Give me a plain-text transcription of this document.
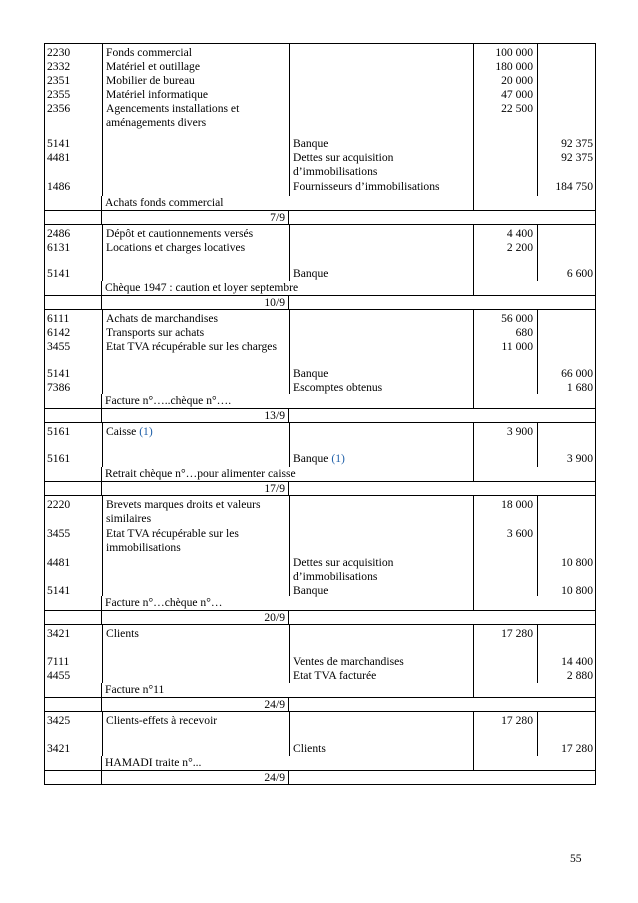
2230
2332
2351
2355
2356
5141
4481
1486
Fonds commercial
Matériel et outillage
Mobilier de bureau
Matériel informatique
Agencements installations et aménagements divers
Banque
Dettes sur acquisition d’immobilisations
Fournisseurs d’immobilisations
100 000
180 000
20 000
47 000
22 500
92 375
92 375
184 750
Achats fonds commercial
7/9
2486
6131
5141
Dépôt et cautionnements versés
Locations et charges locatives
Banque
4 400
2 200
6 600
Chèque 1947 : caution et loyer septembre
10/9
6111
6142
3455
5141
7386
Achats de marchandises
Transports sur achats
Etat TVA récupérable sur les charges
Banque
Escomptes obtenus
56 000
680
11 000
66 000
1 680
Facture n°…..chèque n°….
13/9
5161
5161
Caisse (1)
Banque (1)
3 900
3 900
Retrait chèque n°…pour alimenter caisse
17/9
2220
3455
4481
5141
Brevets marques droits et valeurs similaires
Etat TVA récupérable sur les immobilisations
Dettes sur acquisition d’immobilisations
Banque
18 000
3 600
10 800
10 800
Facture n°…chèque n°…
20/9
3421
7111
4455
Clients
Ventes de marchandises
Etat TVA facturée
17 280
14 400
2 880
Facture n°11
24/9
3425
3421
Clients-effets à recevoir
Clients
17 280
17 280
HAMADI traite n°...
24/9
55
